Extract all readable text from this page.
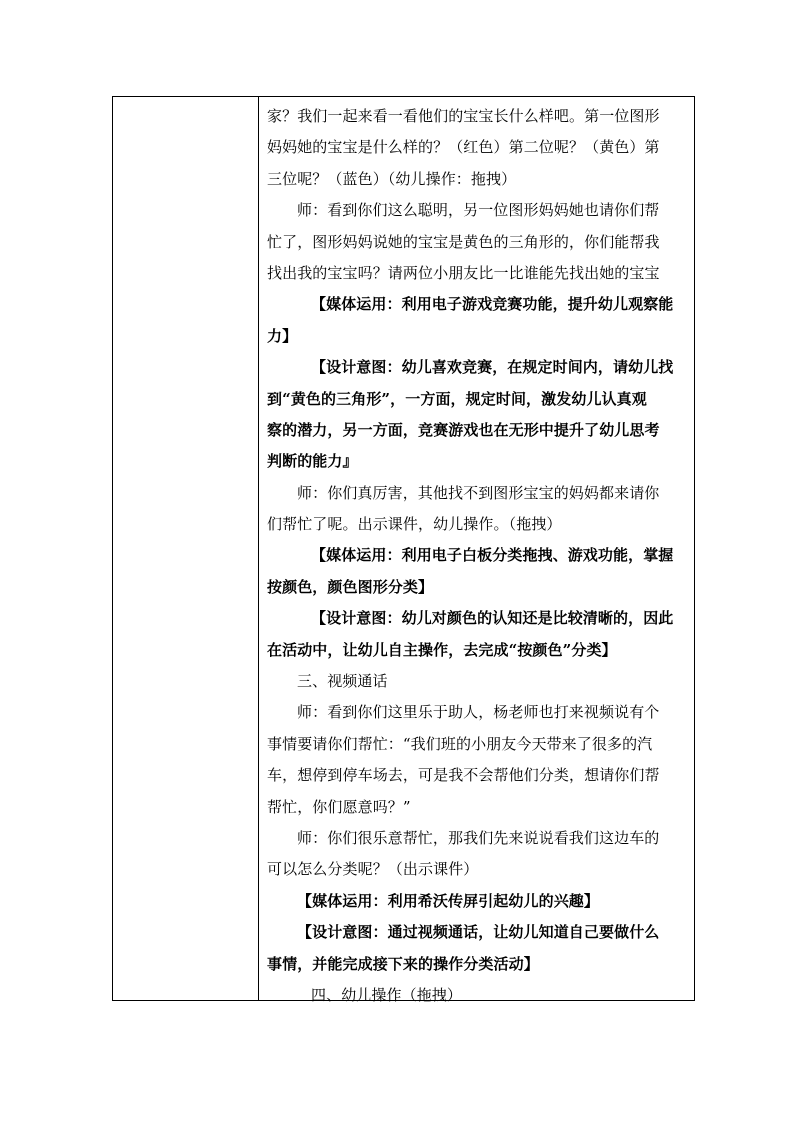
家？我们一起来看一看他们的宝宝长什么样吧。第一位图形
妈妈她的宝宝是什么样的？（红色）第二位呢？（黄色）第
三位呢？（蓝色）（幼儿操作：拖拽）
师：看到你们这么聪明，另一位图形妈妈她也请你们帮
忙了，图形妈妈说她的宝宝是黄色的三角形的，你们能帮我
找出我的宝宝吗？请两位小朋友比一比谁能先找出她的宝宝
【媒体运用：利用电子游戏竞赛功能，提升幼儿观察能
力】
【设计意图：幼儿喜欢竞赛，在规定时间内，请幼儿找
到“黄色的三角形”，一方面，规定时间，激发幼儿认真观
察的潜力，另一方面，竞赛游戏也在无形中提升了幼儿思考
判断的能力』
师：你们真厉害，其他找不到图形宝宝的妈妈都来请你
们帮忙了呢。出示课件，幼儿操作。（拖拽）
【媒体运用：利用电子白板分类拖拽、游戏功能，掌握
按颜色，颜色图形分类】
【设计意图：幼儿对颜色的认知还是比较清晰的，因此
在活动中，让幼儿自主操作，去完成“按颜色”分类】
三、视频通话
师：看到你们这里乐于助人，杨老师也打来视频说有个
事情要请你们帮忙：“我们班的小朋友今天带来了很多的汽
车，想停到停车场去，可是我不会帮他们分类，想请你们帮
帮忙，你们愿意吗？”
师：你们很乐意帮忙，那我们先来说说看我们这边车的
可以怎么分类呢？（出示课件）
【媒体运用：利用希沃传屏引起幼儿的兴趣】
【设计意图：通过视频通话，让幼儿知道自己要做什么
事情，并能完成接下来的操作分类活动】
四、幼儿操作（拖拽）
